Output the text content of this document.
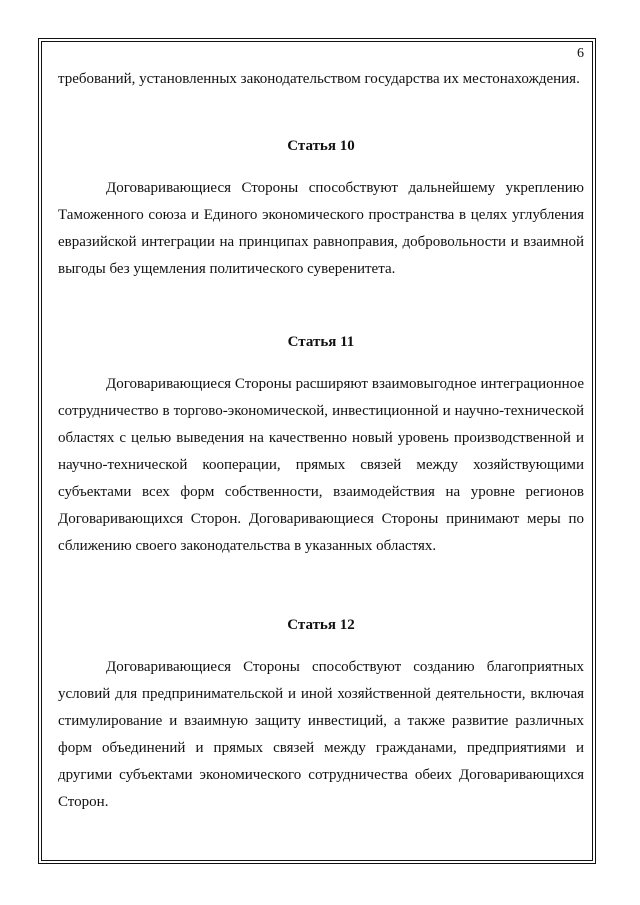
6

требований, установленных законодательством государства их местонахождения.

Статья 10

Договаривающиеся Стороны способствуют дальнейшему укреплению Таможенного союза и Единого экономического пространства в целях углубления евразийской интеграции на принципах равноправия, добровольности и взаимной выгоды без ущемления политического суверенитета.

Статья 11

Договаривающиеся Стороны расширяют взаимовыгодное интеграционное сотрудничество в торгово-экономической, инвестиционной и научно-технической областях с целью выведения на качественно новый уровень производственной и научно-технической кооперации, прямых связей между хозяйствующими субъектами всех форм собственности, взаимодействия на уровне регионов Договаривающихся Сторон. Договаривающиеся Стороны принимают меры по сближению своего законодательства в указанных областях.

Статья 12

Договаривающиеся Стороны способствуют созданию благоприятных условий для предпринимательской и иной хозяйственной деятельности, включая стимулирование и взаимную защиту инвестиций, а также развитие различных форм объединений и прямых связей между гражданами, предприятиями и другими субъектами экономического сотрудничества обеих Договаривающихся Сторон.
